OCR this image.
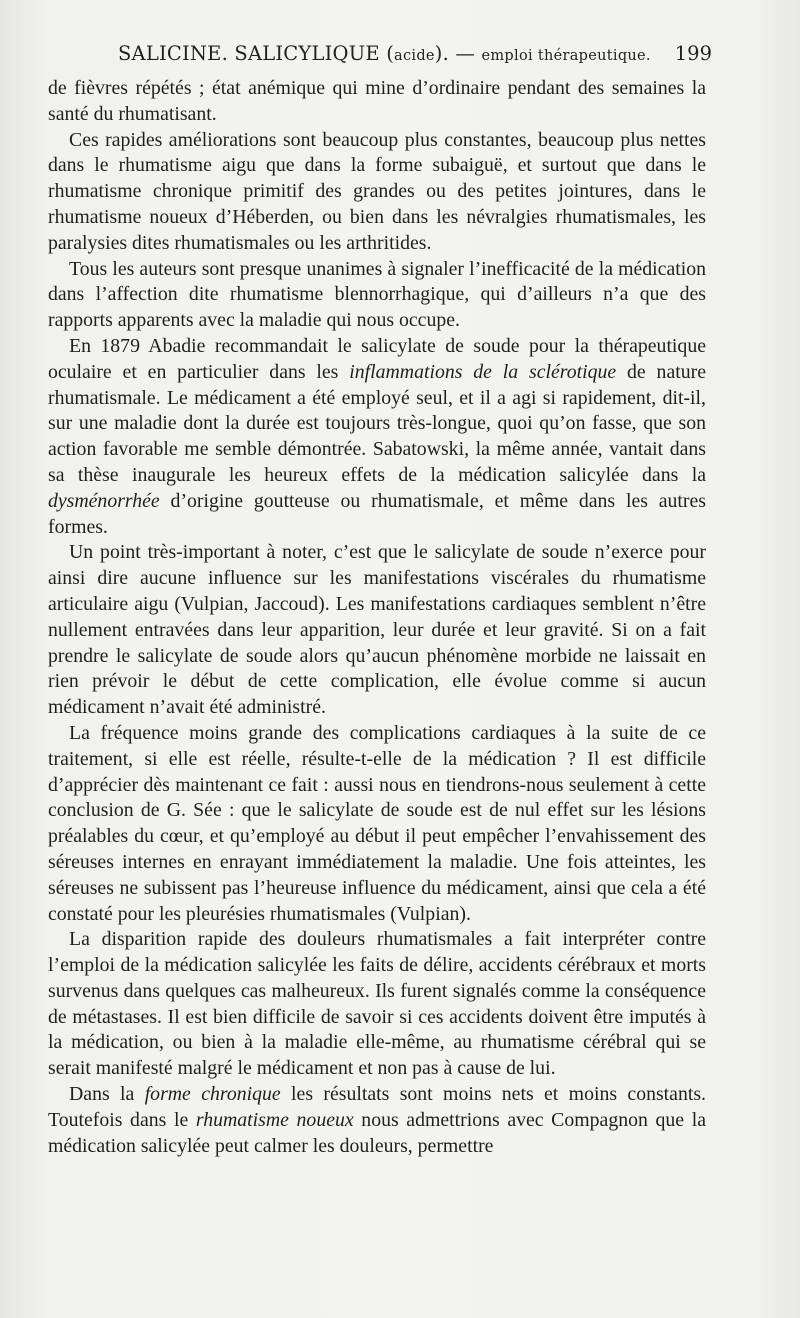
SALICINE. SALICYLIQUE (acide). — emploi thérapeutique. 199

de fièvres répétés ; état anémique qui mine d’ordinaire pendant des semaines la santé du rhumatisant.

Ces rapides améliorations sont beaucoup plus constantes, beaucoup plus nettes dans le rhumatisme aigu que dans la forme subaiguë, et surtout que dans le rhumatisme chronique primitif des grandes ou des petites jointures, dans le rhumatisme noueux d’Héberden, ou bien dans les névralgies rhumatismales, les paralysies dites rhumatismales ou les arthritides.

Tous les auteurs sont presque unanimes à signaler l’inefficacité de la médication dans l’affection dite rhumatisme blennorrhagique, qui d’ailleurs n’a que des rapports apparents avec la maladie qui nous occupe.

En 1879 Abadie recommandait le salicylate de soude pour la thérapeutique oculaire et en particulier dans les inflammations de la sclérotique de nature rhumatismale. Le médicament a été employé seul, et il a agi si rapidement, dit-il, sur une maladie dont la durée est toujours très-longue, quoi qu’on fasse, que son action favorable me semble démontrée. Sabatowski, la même année, vantait dans sa thèse inaugurale les heureux effets de la médication salicylée dans la dysménorrhée d’origine goutteuse ou rhumatismale, et même dans les autres formes.

Un point très-important à noter, c’est que le salicylate de soude n’exerce pour ainsi dire aucune influence sur les manifestations viscérales du rhumatisme articulaire aigu (Vulpian, Jaccoud). Les manifestations cardiaques semblent n’être nullement entravées dans leur apparition, leur durée et leur gravité. Si on a fait prendre le salicylate de soude alors qu’aucun phénomène morbide ne laissait en rien prévoir le début de cette complication, elle évolue comme si aucun médicament n’avait été administré.

La fréquence moins grande des complications cardiaques à la suite de ce traitement, si elle est réelle, résulte-t-elle de la médication ? Il est difficile d’apprécier dès maintenant ce fait : aussi nous en tiendrons-nous seulement à cette conclusion de G. Sée : que le salicylate de soude est de nul effet sur les lésions préalables du cœur, et qu’employé au début il peut empêcher l’envahissement des séreuses internes en enrayant immédiatement la maladie. Une fois atteintes, les séreuses ne subissent pas l’heureuse influence du médicament, ainsi que cela a été constaté pour les pleurésies rhumatismales (Vulpian).

La disparition rapide des douleurs rhumatismales a fait interpréter contre l’emploi de la médication salicylée les faits de délire, accidents cérébraux et morts survenus dans quelques cas malheureux. Ils furent signalés comme la conséquence de métastases. Il est bien difficile de savoir si ces accidents doivent être imputés à la médication, ou bien à la maladie elle-même, au rhumatisme cérébral qui se serait manifesté malgré le médicament et non pas à cause de lui.

Dans la forme chronique les résultats sont moins nets et moins constants. Toutefois dans le rhumatisme noueux nous admettrions avec Compagnon que la médication salicylée peut calmer les douleurs, permettre
